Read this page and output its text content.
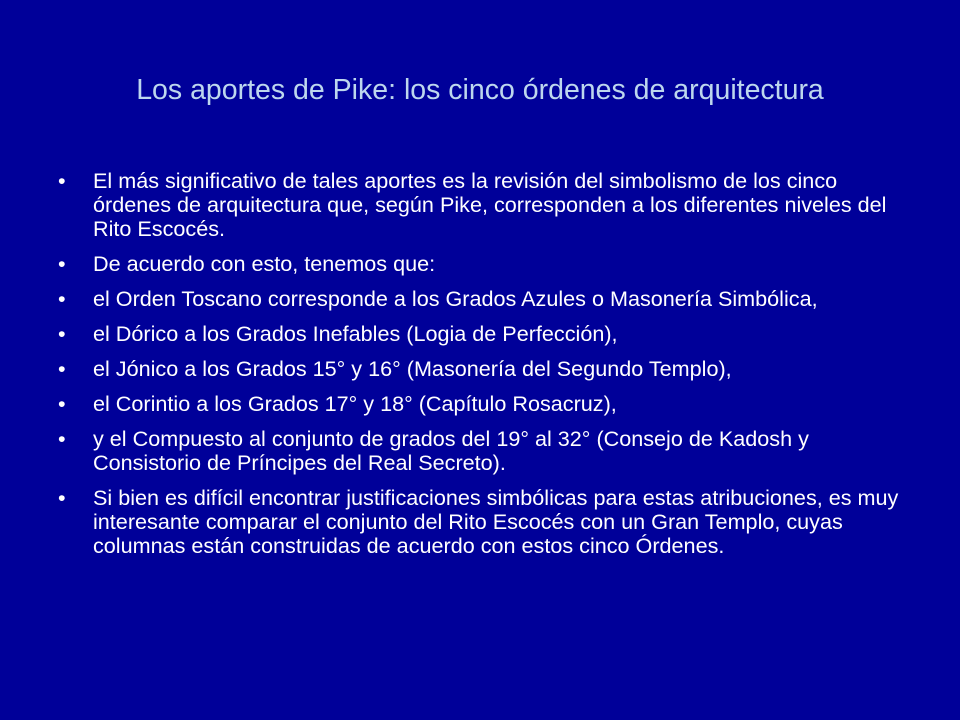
Los aportes de Pike: los cinco órdenes de arquitectura
•	El más significativo de tales aportes es la revisión del simbolismo de los cinco órdenes de arquitectura que, según Pike, corresponden a los diferentes niveles del Rito Escocés.
•	De acuerdo con esto, tenemos que:
•	el Orden Toscano corresponde a los Grados Azules o Masonería Simbólica,
•	el Dórico a los Grados Inefables (Logia de Perfección),
•	el Jónico a los Grados 15° y 16° (Masonería del Segundo Templo),
•	el Corintio a los Grados 17° y 18° (Capítulo Rosacruz),
•	y el Compuesto al conjunto de grados del 19° al 32° (Consejo de Kadosh y Consistorio de Príncipes del Real Secreto).
•	Si bien es difícil encontrar justificaciones simbólicas para estas atribuciones, es muy interesante comparar el conjunto del Rito Escocés con un Gran Templo, cuyas columnas están construidas de acuerdo con estos cinco Órdenes.
